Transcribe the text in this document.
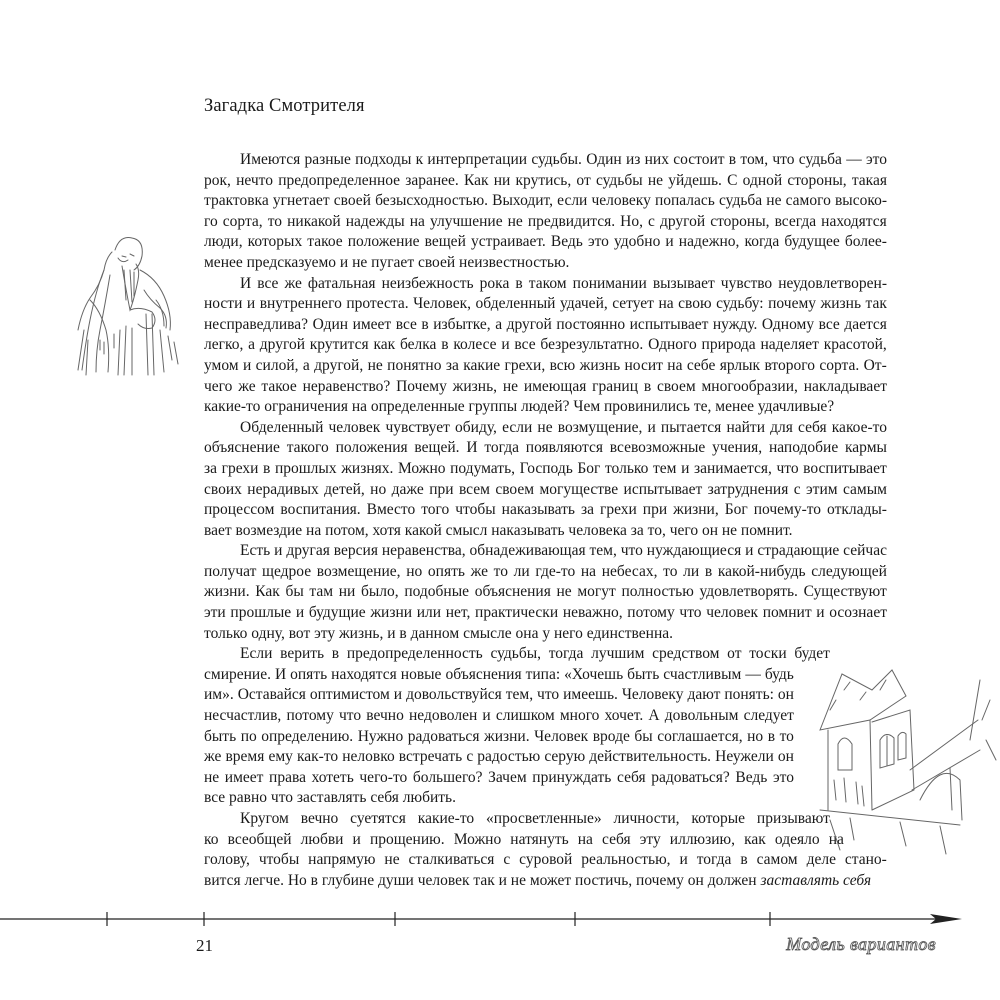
Загадка Смотрителя
Имеются разные подходы к интерпретации судьбы. Один из них состоит в том, что судьба — это
рок, нечто предопределенное заранее. Как ни крутись, от судьбы не уйдешь. С одной стороны, такая
трактовка угнетает своей безысходностью. Выходит, если человеку попалась судьба не самого высоко-
го сорта, то никакой надежды на улучшение не предвидится. Но, с другой стороны, всегда находятся
люди, которых такое положение вещей устраивает. Ведь это удобно и надежно, когда будущее более-
менее предсказуемо и не пугает своей неизвестностью.
И все же фатальная неизбежность рока в таком понимании вызывает чувство неудовлетворен-
ности и внутреннего протеста. Человек, обделенный удачей, сетует на свою судьбу: почему жизнь так
несправедлива? Один имеет все в избытке, а другой постоянно испытывает нужду. Одному все дается
легко, а другой крутится как белка в колесе и все безрезультатно. Одного природа наделяет красотой,
умом и силой, а другой, не понятно за какие грехи, всю жизнь носит на себе ярлык второго сорта. От-
чего же такое неравенство? Почему жизнь, не имеющая границ в своем многообразии, накладывает
какие-то ограничения на определенные группы людей? Чем провинились те, менее удачливые?
Обделенный человек чувствует обиду, если не возмущение, и пытается найти для себя какое-то
объяснение такого положения вещей. И тогда появляются всевозможные учения, наподобие кармы
за грехи в прошлых жизнях. Можно подумать, Господь Бог только тем и занимается, что воспитывает
своих нерадивых детей, но даже при всем своем могуществе испытывает затруднения с этим самым
процессом воспитания. Вместо того чтобы наказывать за грехи при жизни, Бог почему-то отклады-
вает возмездие на потом, хотя какой смысл наказывать человека за то, чего он не помнит.
Есть и другая версия неравенства, обнадеживающая тем, что нуждающиеся и страдающие сейчас
получат щедрое возмещение, но опять же то ли где-то на небесах, то ли в какой-нибудь следующей
жизни. Как бы там ни было, подобные объяснения не могут полностью удовлетворять. Существуют
эти прошлые и будущие жизни или нет, практически неважно, потому что человек помнит и осознает
только одну, вот эту жизнь, и в данном смысле она у него единственна.
Если верить в предопределенность судьбы, тогда лучшим средством от тоски будет
смирение. И опять находятся новые объяснения типа: «Хочешь быть счастливым — будь
им». Оставайся оптимистом и довольствуйся тем, что имеешь. Человеку дают понять: он
несчастлив, потому что вечно недоволен и слишком много хочет. А довольным следует
быть по определению. Нужно радоваться жизни. Человек вроде бы соглашается, но в то
же время ему как-то неловко встречать с радостью серую действительность. Неужели он
не имеет права хотеть чего-то большего? Зачем принуждать себя радоваться? Ведь это
все равно что заставлять себя любить.
Кругом вечно суетятся какие-то «просветленные» личности, которые призывают
ко всеобщей любви и прощению. Можно натянуть на себя эту иллюзию, как одеяло на
голову, чтобы напрямую не сталкиваться с суровой реальностью, и тогда в самом деле стано-
вится легче. Но в глубине души человек так и не может постичь, почему он должен заставлять себя
21	Модель вариантов
